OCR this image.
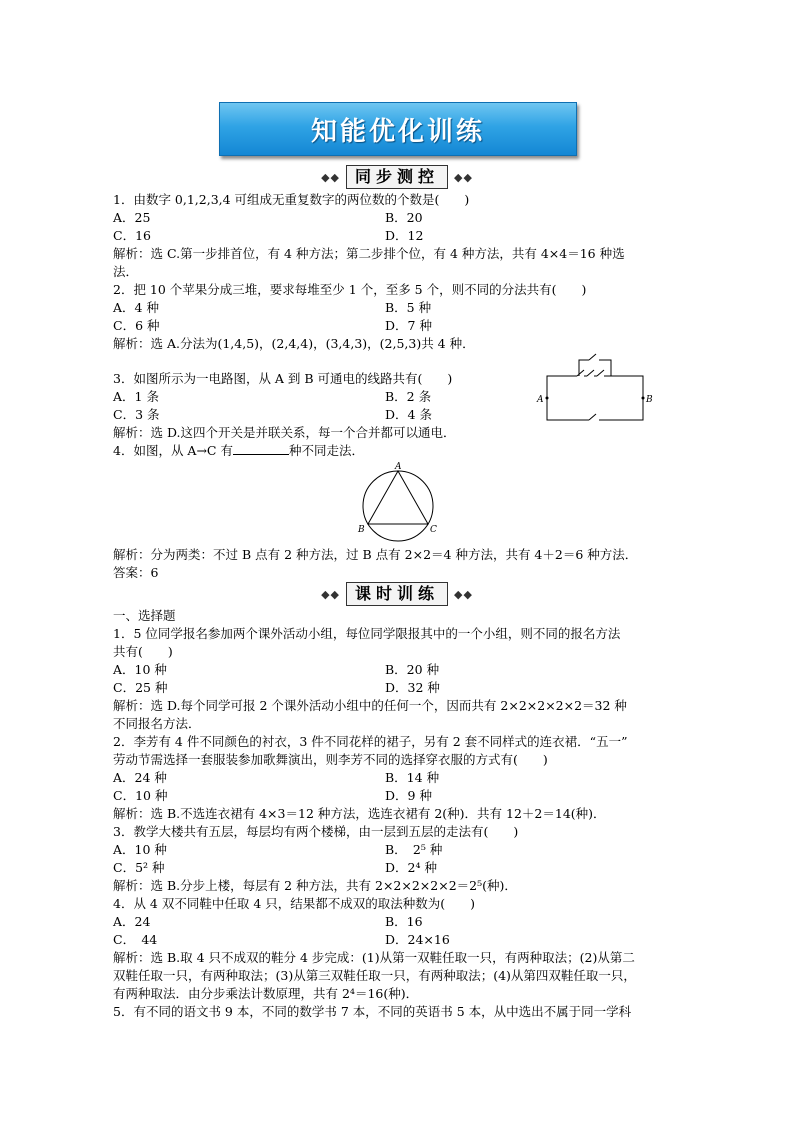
知能优化训练
◆◆ 同步测控	◆◆
1．由数字 0,1,2,3,4 可组成无重复数字的两位数的个数是(　　)
A．25	B．20
C．16	D．12
解析：选 C.第一步排首位，有 4 种方法；第二步排个位，有 4 种方法，共有 4×4＝16 种选
法．
2．把 10 个苹果分成三堆，要求每堆至少 1 个，至多 5 个，则不同的分法共有(　　)
A．4 种	B．5 种
C．6 种	D．7 种
解析：选 A.分法为(1,4,5)，(2,4,4)，(3,4,3)，(2,5,3)共 4 种．
3．如图所示为一电路图，从 A 到 B 可通电的线路共有(　　)
A．1 条	B．2 条
C．3 条	D．4 条
解析：选 D.这四个开关是并联关系，每一个合并都可以通电．
A	B
4．如图，从 A→C 有	种不同走法．
A
B	C
解析：分为两类：不过 B 点有 2 种方法，过 B 点有 2×2＝4 种方法，共有 4＋2＝6 种方法．
答案：6
◆◆ 课时训练	◆◆
一、选择题
1．5 位同学报名参加两个课外活动小组，每位同学限报其中的一个小组，则不同的报名方法
共有(　　)
A．10 种	B．20 种
C．25 种	D．32 种
解析：选 D.每个同学可报 2 个课外活动小组中的任何一个，因而共有 2×2×2×2×2＝32 种
不同报名方法．
2．李芳有 4 件不同颜色的衬衣，3 件不同花样的裙子，另有 2 套不同样式的连衣裙．“五一”
劳动节需选择一套服装参加歌舞演出，则李芳不同的选择穿衣服的方式有(　　)
A．24 种	B．14 种
C．10 种	D．9 种
解析：选 B.不选连衣裙有 4×3＝12 种方法，选连衣裙有 2(种)．共有 12＋2＝14(种)．
3．教学大楼共有五层，每层均有两个楼梯，由一层到五层的走法有(　　)
A．10 种	B．　2⁵ 种
C．5² 种	D．2⁴ 种
解析：选 B.分步上楼，每层有 2 种方法，共有 2×2×2×2×2＝2⁵(种)．
4．从 4 双不同鞋中任取 4 只，结果都不成双的取法种数为(　　)
A．24	B．16
C．　44	D．24×16
解析：选 B.取 4 只不成双的鞋分 4 步完成：(1)从第一双鞋任取一只，有两种取法；(2)从第二
双鞋任取一只，有两种取法；(3)从第三双鞋任取一只，有两种取法；(4)从第四双鞋任取一只，
有两种取法．由分步乘法计数原理，共有 2⁴＝16(种)．
5．有不同的语文书 9 本，不同的数学书 7 本，不同的英语书 5 本，从中选出不属于同一学科
